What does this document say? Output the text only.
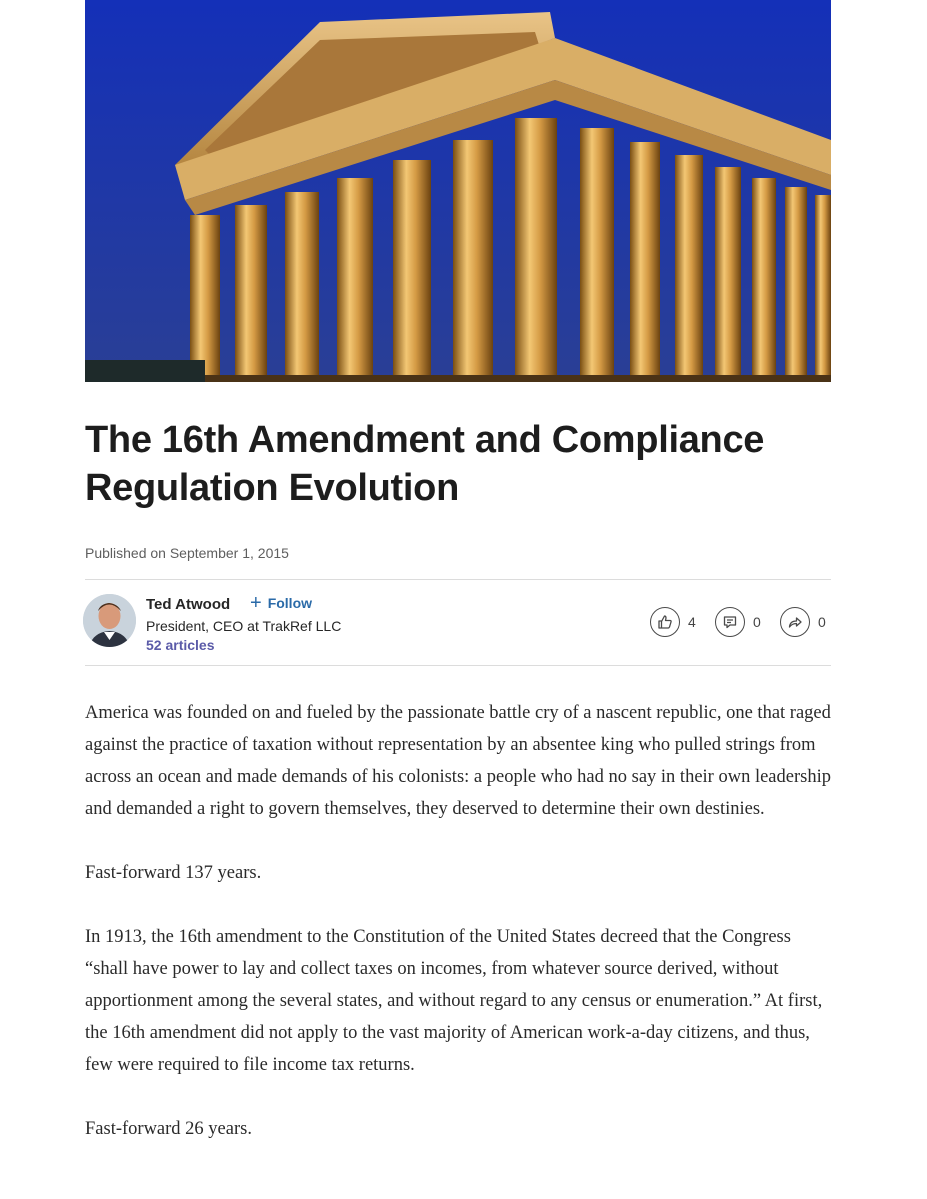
The 16th Amendment and Compliance Regulation Evolution
Published on September 1, 2015
Ted Atwood + Follow
President, CEO at TrakRef LLC
52 articles
4	0	0

America was founded on and fueled by the passionate battle cry of a nascent republic, one that raged against the practice of taxation without representation by an absentee king who pulled strings from across an ocean and made demands of his colonists: a people who had no say in their own leadership and demanded a right to govern themselves, they deserved to determine their own destinies.

Fast-forward 137 years.

In 1913, the 16th amendment to the Constitution of the United States decreed that the Congress “shall have power to lay and collect taxes on incomes, from whatever source derived, without apportionment among the several states, and without regard to any census or enumeration.” At first, the 16th amendment did not apply to the vast majority of American work-a-day citizens, and thus, few were required to file income tax returns.

Fast-forward 26 years.
